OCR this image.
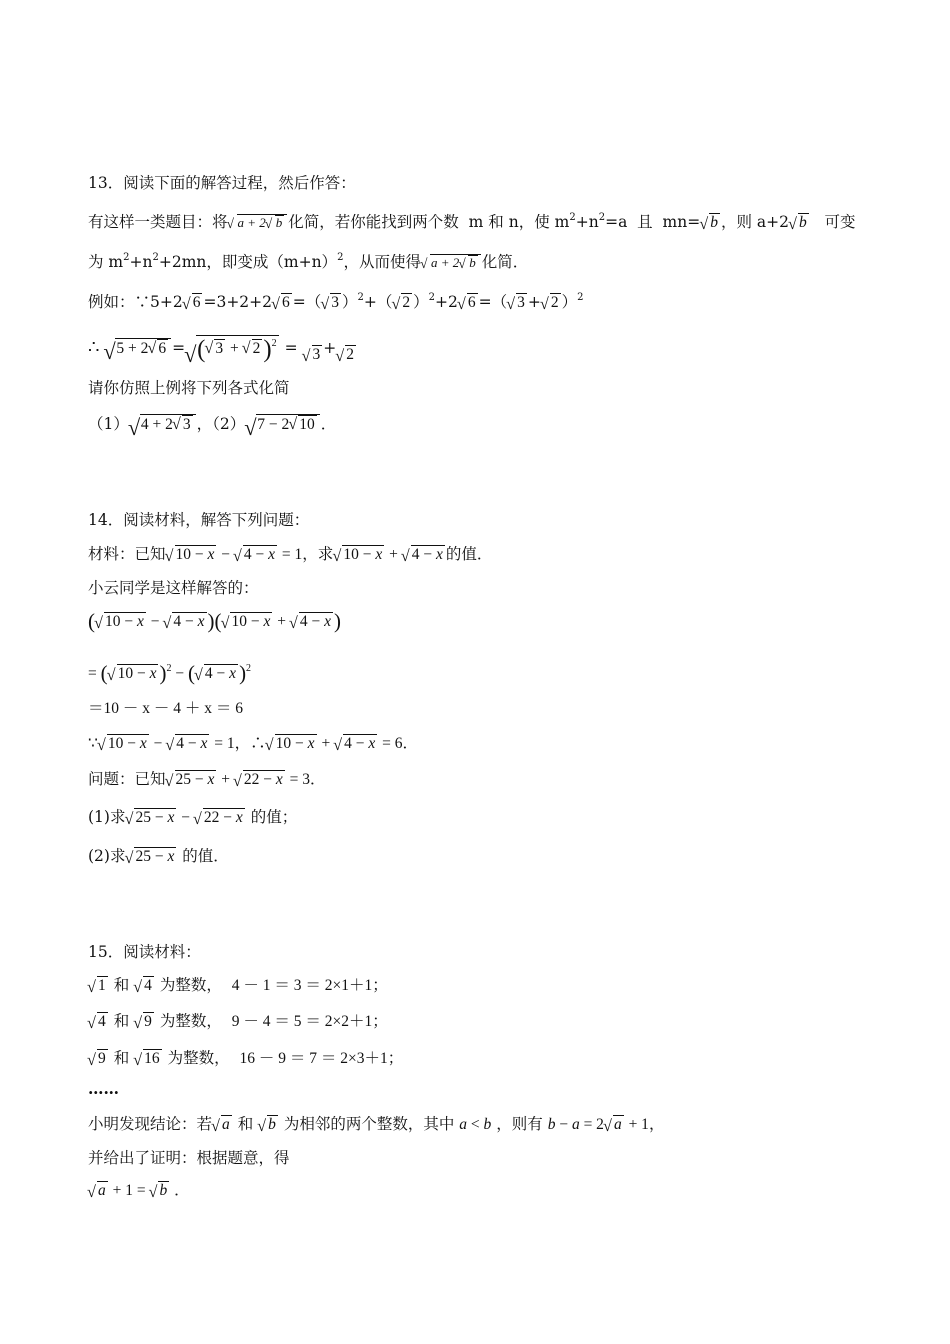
13．阅读下面的解答过程，然后作答：
有这样一类题目：将 √ a + 2 √ b 化简，若你能找到两个数 m 和 n，使 $m^2+n^2=a$ 且 mn= √ b ，则 a+2 √ b 可变
为 $m^2+n^2+2mn$，即变成$(m+n)^2$，从而使得 √ a + 2 √ b 化简．
例如：∵5+2 √ 6 =3+2+2 √ 6 =（ √ 3 ）$^2$+（ √ 2 ）$^2$+2 √ 6 =（ √ 3 + √ 2 ）$^2$
∴ √ 5 + 2 √ 6 = √ ( √ 3 + √ 2 )$^2$ = √ 3 + √ 2
请你仿照上例将下列各式化简
（1） √ 4 + 2 √ 3 ，（2） √ 7 − 2 √ 10 ．
14．阅读材料，解答下列问题：
材料：已知 √ 10 − x − √ 4 − x = 1，求 √ 10 − x + √ 4 − x 的值．
小云同学是这样解答的：
( √ 10 − x − √ 4 − x )( √ 10 − x + √ 4 − x )
= ( √ 10 − x )$^2$ − ( √ 4 − x )$^2$
＝10 － x － 4 ＋ x ＝ 6
∵ √ 10 − x − √ 4 − x = 1，∴ √ 10 − x + √ 4 − x = 6．
问题：已知 √ 25 − x + √ 22 − x = 3．
(1)求 √ 25 − x − √ 22 − x 的值；
(2)求 √ 25 − x 的值．
15．阅读材料：
√ 1 和 √ 4 为整数， 4 － 1 ＝ 3 ＝ 2×1＋1；
√ 4 和 √ 9 为整数， 9 － 4 ＝ 5 ＝ 2×2＋1；
√ 9 和 √ 16 为整数， 16 － 9 ＝ 7 ＝ 2×3＋1；
……
小明发现结论：若 √ a 和 √ b 为相邻的两个整数，其中 a < b ，则有 b − a = 2 √ a + 1，
并给出了证明：根据题意，得
√ a + 1 = √ b ．
